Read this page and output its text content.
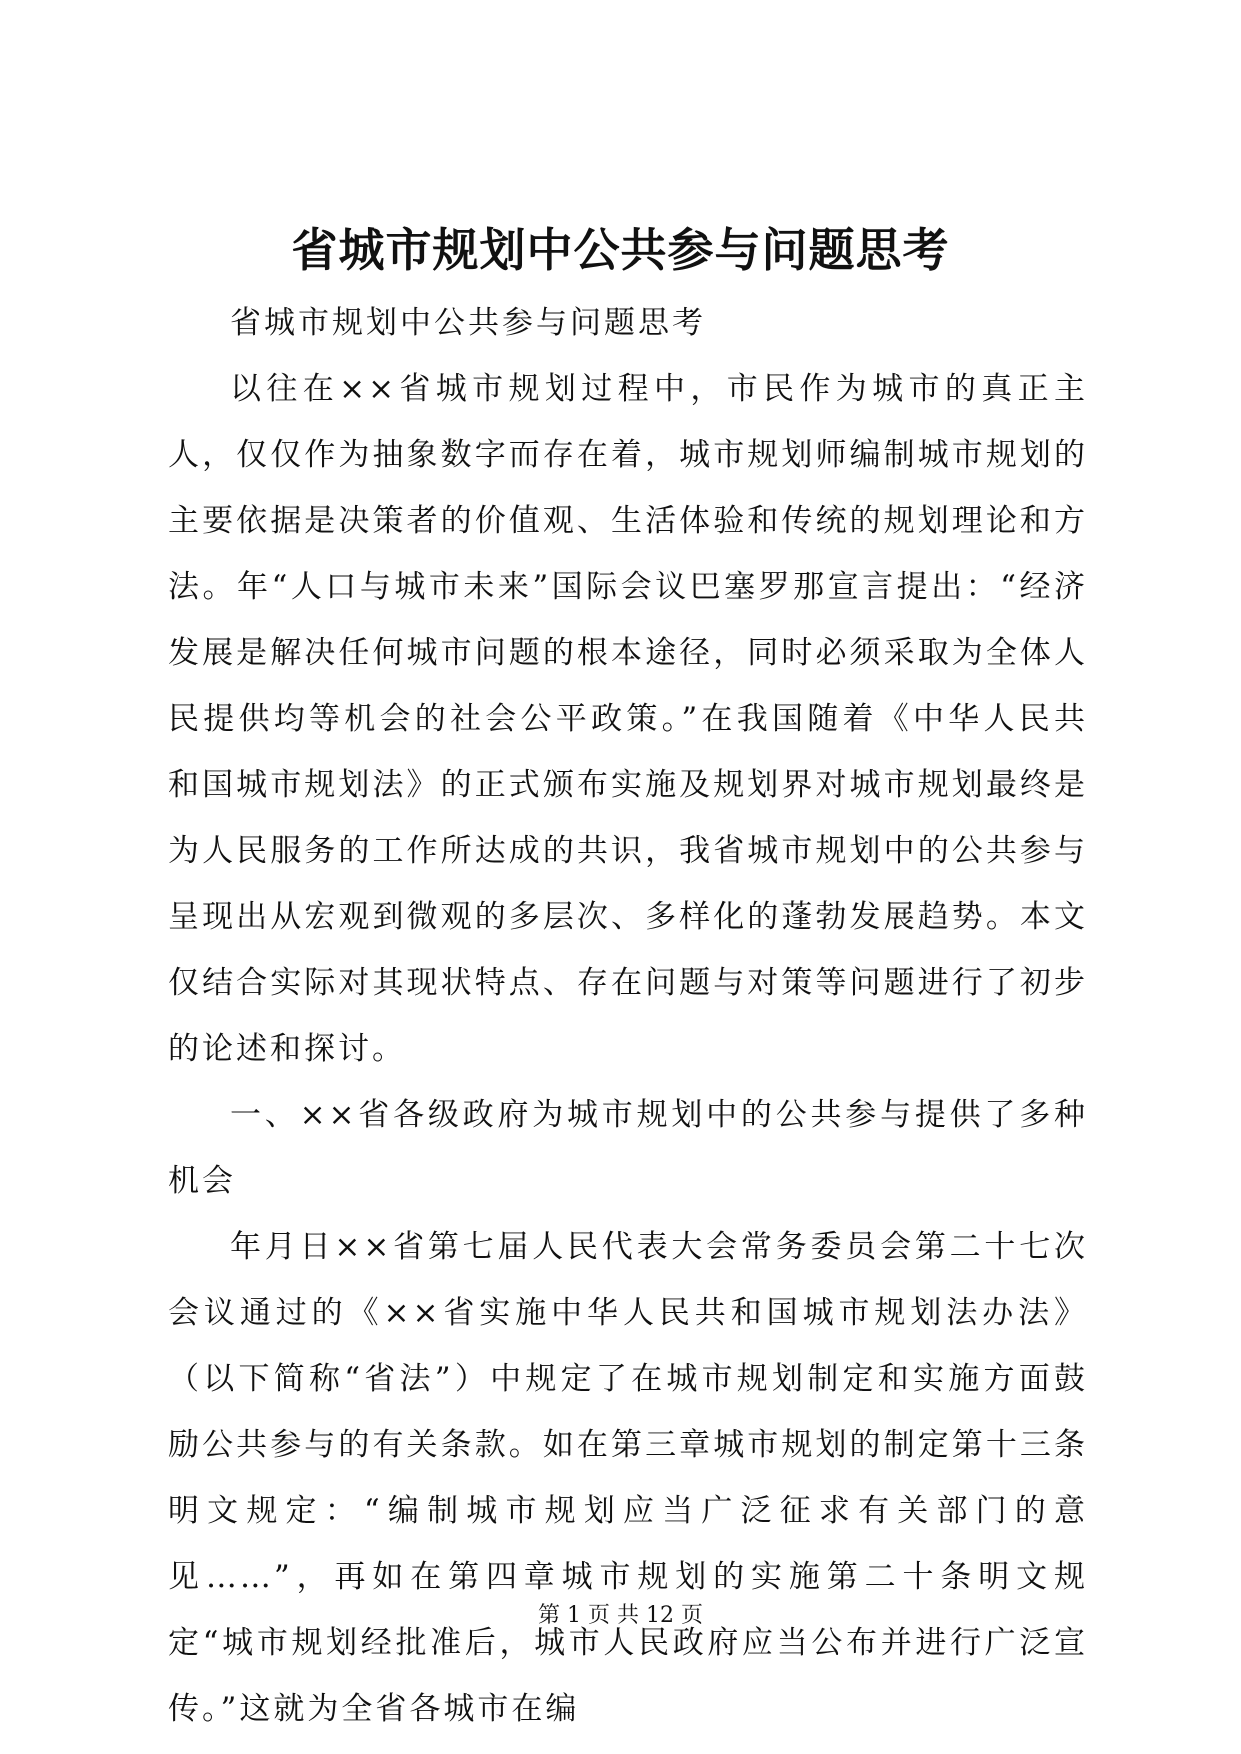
省城市规划中公共参与问题思考

省城市规划中公共参与问题思考

以往在××省城市规划过程中，市民作为城市的真正主人，仅仅作为抽象数字而存在着，城市规划师编制城市规划的主要依据是决策者的价值观、生活体验和传统的规划理论和方法。年“人口与城市未来”国际会议巴塞罗那宣言提出：“经济发展是解决任何城市问题的根本途径，同时必须采取为全体人民提供均等机会的社会公平政策。”在我国随着《中华人民共和国城市规划法》的正式颁布实施及规划界对城市规划最终是为人民服务的工作所达成的共识，我省城市规划中的公共参与呈现出从宏观到微观的多层次、多样化的蓬勃发展趋势。本文仅结合实际对其现状特点、存在问题与对策等问题进行了初步的论述和探讨。

一、××省各级政府为城市规划中的公共参与提供了多种机会

年月日××省第七届人民代表大会常务委员会第二十七次会议通过的《××省实施中华人民共和国城市规划法办法》（以下简称“省法”）中规定了在城市规划制定和实施方面鼓励公共参与的有关条款。如在第三章城市规划的制定第十三条明文规定：“编制城市规划应当广泛征求有关部门的意见……”，再如在第四章城市规划的实施第二十条明文规定“城市规划经批准后，城市人民政府应当公布并进行广泛宣传。”这就为全省各城市在编

第 1 页 共 12 页
